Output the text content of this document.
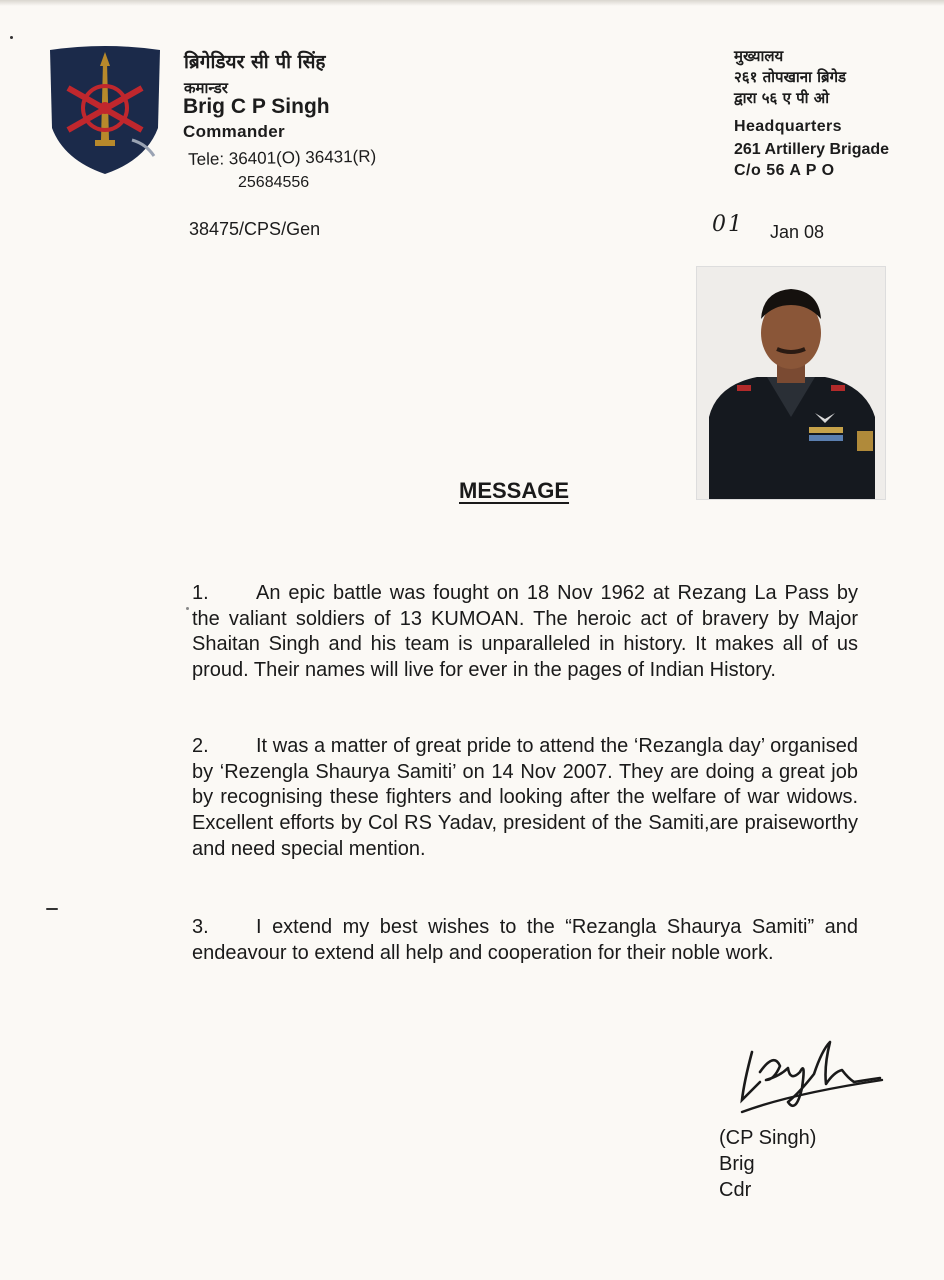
ब्रिगेडियर सी पी सिंह
कमान्डर
Brig C P Singh
Commander
Tele: 36401(O) 36431(R)
25684556
38475/CPS/Gen
मुख्यालय
२६१ तोपखाना ब्रिगेड
द्वारा ५६ ए पी ओ
Headquarters
261 Artillery Brigade
C/o 56 A P O
01 Jan 08
MESSAGE

1. An epic battle was fought on 18 Nov 1962 at Rezang La Pass by the valiant soldiers of 13 KUMOAN. The heroic act of bravery by Major Shaitan Singh and his team is unparalleled in history. It makes all of us proud. Their names will live for ever in the pages of Indian History.

2. It was a matter of great pride to attend the ‘Rezangla day’ organised by ‘Rezengla Shaurya Samiti’ on 14 Nov 2007. They are doing a great job by recognising these fighters and looking after the welfare of war widows. Excellent efforts by Col RS Yadav, president of the Samiti,are praiseworthy and need special mention.

3. I extend my best wishes to the “Rezangla Shaurya Samiti” and endeavour to extend all help and cooperation for their noble work.

(CP Singh)
Brig
Cdr
